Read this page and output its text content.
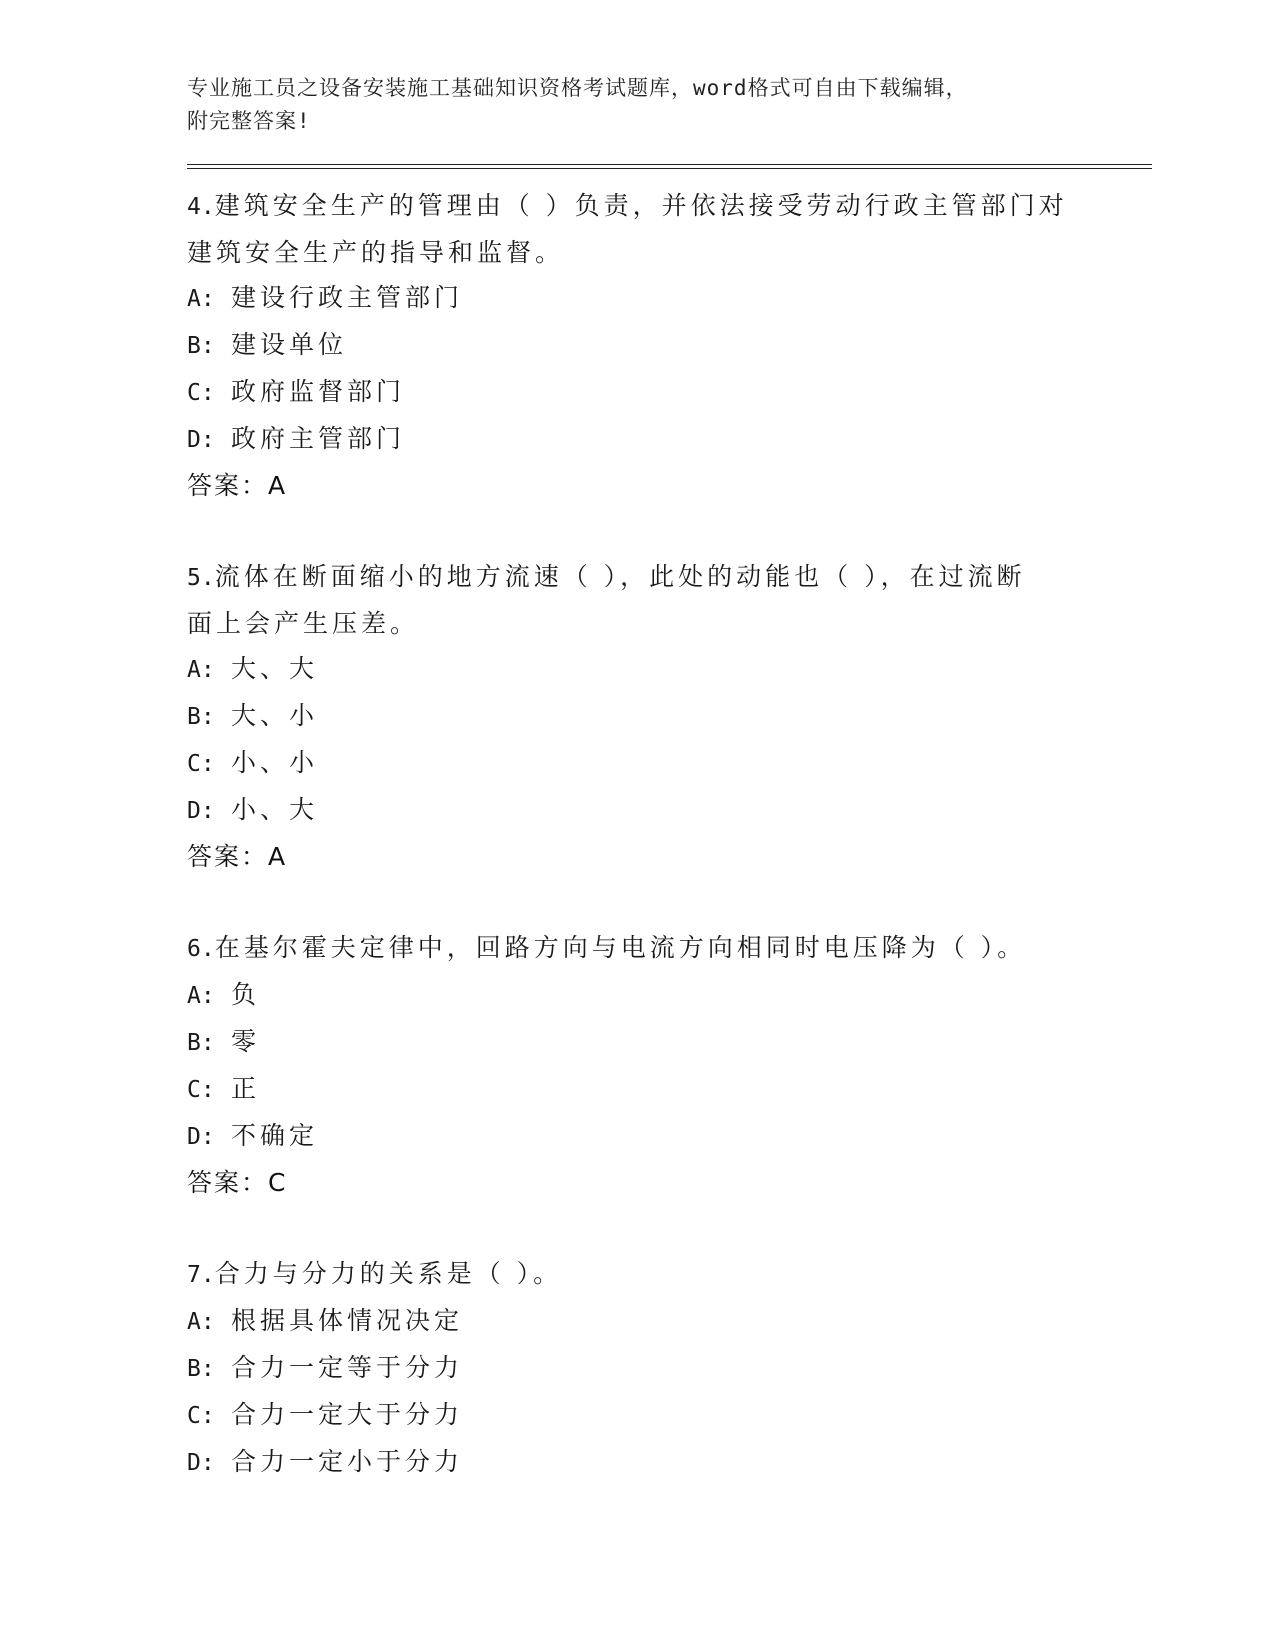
专业施工员之设备安装施工基础知识资格考试题库，word格式可自由下载编辑，
附完整答案!
4.建筑安全生产的管理由（ ）负责，并依法接受劳动行政主管部门对
建筑安全生产的指导和监督。
A: 建设行政主管部门
B: 建设单位
C: 政府监督部门
D: 政府主管部门
答案：A
5.流体在断面缩小的地方流速（ ），此处的动能也（ ），在过流断
面上会产生压差。
A: 大、大
B: 大、小
C: 小、小
D: 小、大
答案：A
6.在基尔霍夫定律中，回路方向与电流方向相同时电压降为（ ）。
A: 负
B: 零
C: 正
D: 不确定
答案：C
7.合力与分力的关系是（ ）。
A: 根据具体情况决定
B: 合力一定等于分力
C: 合力一定大于分力
D: 合力一定小于分力
